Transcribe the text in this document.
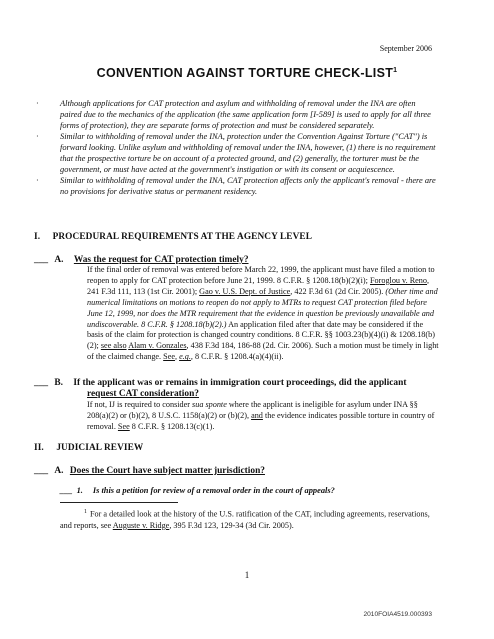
September 2006
CONVENTION AGAINST TORTURE CHECK-$LIST^1$
·	Although applications for CAT protection and asylum and withholding of removal under the INA are often paired due to the mechanics of the application (the same application form [I-589] is used to apply for all three forms of protection), they are separate forms of protection and must be considered separately.
·	Similar to withholding of removal under the INA, protection under the Convention Against Torture ("CAT") is forward looking. Unlike asylum and withholding of removal under the INA, however, (1) there is no requirement that the prospective torture be on account of a protected ground, and (2) generally, the torturer must be the government, or must have acted at the government's instigation or with its consent or acquiescence.
·	Similar to withholding of removal under the INA, CAT protection affects only the applicant's removal - there are no provisions for derivative status or permanent residency.
I. PROCEDURAL REQUIREMENTS AT THE AGENCY LEVEL
___ A. Was the request for CAT protection timely?
If the final order of removal was entered before March 22, 1999, the applicant must have filed a motion to reopen to apply for CAT protection before June 21, 1999. 8 C.F.R. § 1208.18(b)(2)(i); Foroglou v. Reno, 241 F.3d 111, 113 (1st Cir. 2001); Gao v. U.S. Dept. of Justice, 422 F.3d 61 (2d Cir. 2005). (Other time and numerical limitations on motions to reopen do not apply to MTRs to request CAT protection filed before June 12, 1999, nor does the MTR requirement that the evidence in question be previously unavailable and undiscoverable. 8 C.F.R. § 1208.18(b)(2).) An application filed after that date may be considered if the basis of the claim for protection is changed country conditions. 8 C.F.R. §§ 1003.23(b)(4)(i) & 1208.18(b)(2); see also Alam v. Gonzales, 438 F.3d 184, 186-88 (2d. Cir. 2006). Such a motion must be timely in light of the claimed change. See, e.g., 8 C.F.R. § 1208.4(a)(4)(ii).
___ B. If the applicant was or remains in immigration court proceedings, did the applicant
request CAT consideration?
If not, IJ is required to consider sua sponte where the applicant is ineligible for asylum under INA §§ 208(a)(2) or (b)(2), 8 U.S.C. 1158(a)(2) or (b)(2), and the evidence indicates possible torture in country of removal. See 8 C.F.R. § 1208.13(c)(1).
II. JUDICIAL REVIEW
___ A. Does the Court have subject matter jurisdiction?
___ 1. Is this a petition for review of a removal order in the court of appeals?
$^1$ For a detailed look at the history of the U.S. ratification of the CAT, including agreements, reservations, and reports, see Auguste v. Ridge, 395 F.3d 123, 129-34 (3d Cir. 2005).
1
2010FOIA4519.000393
